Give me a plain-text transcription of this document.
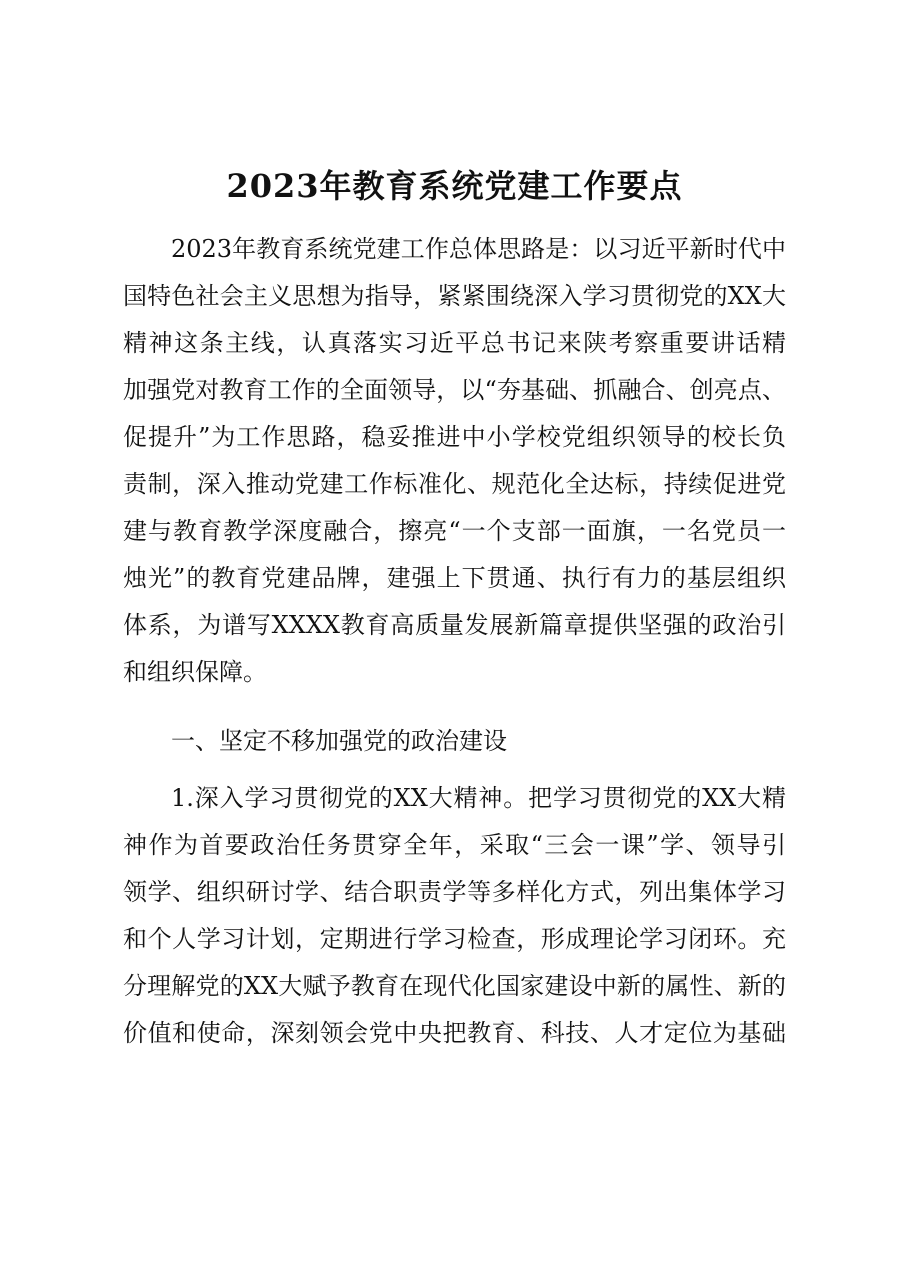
2023年教育系统党建工作要点
2023年教育系统党建工作总体思路是：以习近平新时代中
国特色社会主义思想为指导，紧紧围绕深入学习贯彻党的XX大
精神这条主线，认真落实习近平总书记来陕考察重要讲话精
加强党对教育工作的全面领导，以“夯基础、抓融合、创亮点、
促提升”为工作思路，稳妥推进中小学校党组织领导的校长负
责制，深入推动党建工作标准化、规范化全达标，持续促进党
建与教育教学深度融合，擦亮“一个支部一面旗，一名党员一
烛光”的教育党建品牌，建强上下贯通、执行有力的基层组织
体系，为谱写XXXX教育高质量发展新篇章提供坚强的政治引
和组织保障。
一、坚定不移加强党的政治建设
1.深入学习贯彻党的XX大精神。把学习贯彻党的XX大精
神作为首要政治任务贯穿全年，采取“三会一课”学、领导引
领学、组织研讨学、结合职责学等多样化方式，列出集体学习
和个人学习计划，定期进行学习检查，形成理论学习闭环。充
分理解党的XX大赋予教育在现代化国家建设中新的属性、新的
价值和使命，深刻领会党中央把教育、科技、人才定位为基础
